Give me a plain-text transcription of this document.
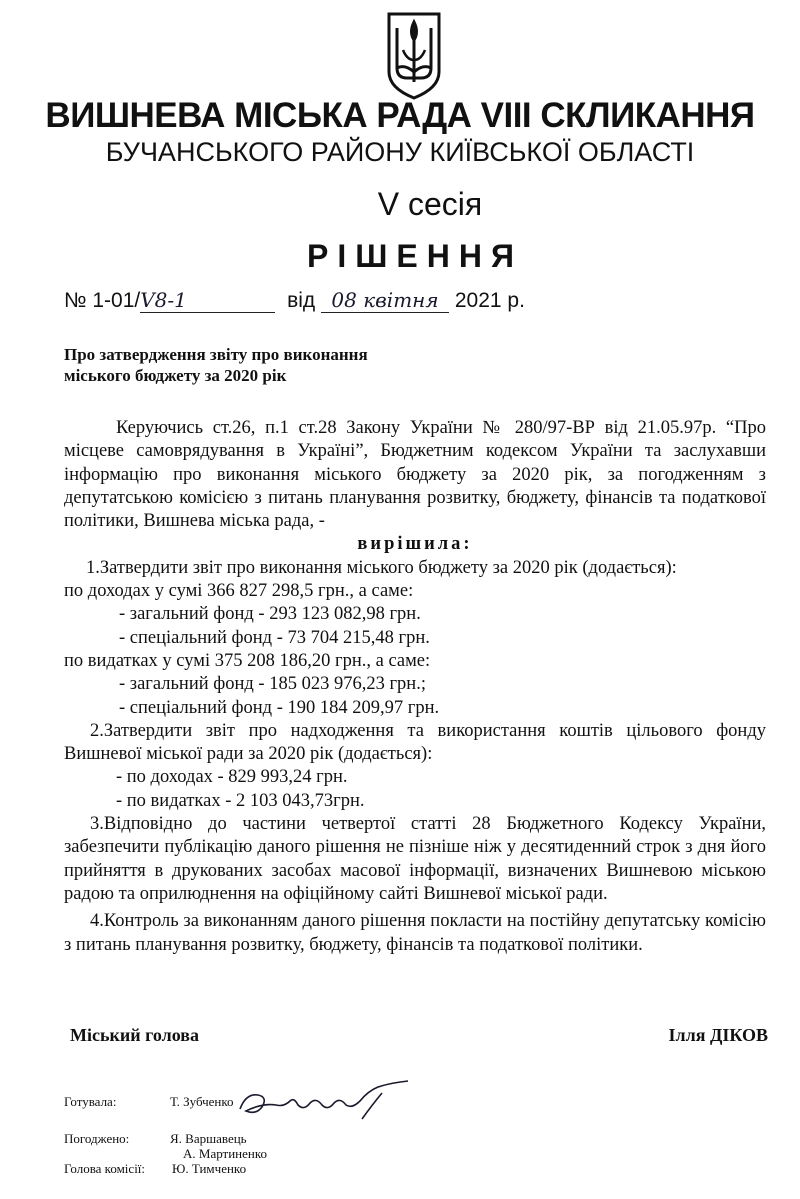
ВИШНЕВА МІСЬКА РАДА VIII СКЛИКАННЯ
БУЧАНСЬКОГО РАЙОНУ КИЇВСЬКОЇ ОБЛАСТІ
V сесія
РІШЕННЯ
№ 1-01/V8-1	від 08 квітня 2021 р.
Про затвердження звіту про виконання
міського бюджету за 2020 рік

Керуючись ст.26, п.1 ст.28 Закону України № 280/97-ВР від 21.05.97р. “Про місцеве самоврядування в Україні”, Бюджетним кодексом України та заслухавши інформацію про виконання міського бюджету за 2020 рік, за погодженням з депутатською комісією з питань планування розвитку, бюджету, фінансів та податкової політики, Вишнева міська рада, -

вирішила:

1.Затвердити звіт про виконання міського бюджету за 2020 рік (додається):

по доходах у сумі 366 827 298,5 грн., а саме:

- загальний фонд - 293 123 082,98 грн.

- спеціальний фонд - 73 704 215,48 грн.

по видатках у сумі 375 208 186,20 грн., а саме:

- загальний фонд - 185 023 976,23 грн.;

- спеціальний фонд - 190 184 209,97 грн.

2.Затвердити звіт про надходження та використання коштів цільового фонду Вишневої міської ради за 2020 рік (додається):

- по доходах - 829 993,24 грн.

- по видатках - 2 103 043,73грн.

3.Відповідно до частини четвертої статті 28 Бюджетного Кодексу України, забезпечити публікацію даного рішення не пізніше ніж у десятиденний строк з дня його прийняття в друкованих засобах масової інформації, визначених Вишневою міською радою та оприлюднення на офіційному сайті Вишневої міської ради.

4.Контроль за виконанням даного рішення покласти на постійну депутатську комісію з питань планування розвитку, бюджету, фінансів та податкової політики.

Міський голова	Ілля ДІКОВ
Готувала:	Т. Зубченко
Погоджено:	Я. Варшавець
А. Мартиненко
Голова комісії: Ю. Тимченко
